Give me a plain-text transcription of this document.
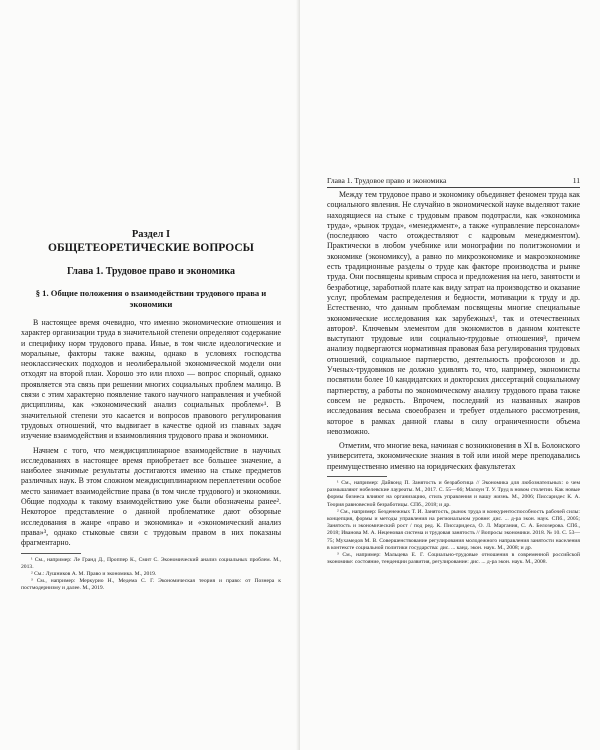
Раздел I
ОБЩЕТЕОРЕТИЧЕСКИЕ ВОПРОСЫ
Глава 1. Трудовое право и экономика
§ 1. Общие положения о взаимодействии трудового права и экономики

В настоящее время очевидно, что именно экономические отношения и характер организации труда в значительной степени определяют содержание и специфику норм трудового права. Иные, в том числе идеологические и моральные, факторы также важны, однако в условиях господства неоклассических подходов и неолиберальной экономической модели они отходят на второй план. Хорошо это или плохо — вопрос спорный, однако проявляется эта связь при решении многих социальных проблем малицо. В связи с этим характерно появление такого научного направления и учебной дисциплины, как «экономический анализ социальных проблем»¹. В значительной степени это касается и вопросов правового регулирования трудовых отношений, что выдвигает в качестве одной из главных задач изучение взаимодействия и взаимовлияния трудового права и экономики.

Начнем с того, что междисциплинарное взаимодействие в научных исследованиях в настоящее время приобретает все большее значение, а наиболее значимые результаты достигаются именно на стыке предметов различных наук. В этом сложном междисциплинарном переплетении особое место занимает взаимодействие права (в том числе трудового) и экономики. Общие подходы к такому взаимодействию уже были обозначены ранее². Некоторое представление о данной проблематике дают обзорные исследования в жанре «право и экономика» и «экономический анализ права»³, однако стыковые связи с трудовым правом в них показаны фрагментарно.

¹ См., например: Ле Гранд Д., Проппер К., Смит С. Экономический анализ социальных проблем. М., 2013.

² См.: Лушников А. М. Право и экономика. М., 2019.

³ См., например: Меркурио Н., Медема С. Г. Экономическая теория и право: от Познера к постмодернизму и далее. М., 2019.

Глава 1. Трудовое право и экономика	11

Между тем трудовое право и экономику объединяет феномен труда как социального явления. Не случайно в экономической науке выделяют такие находящиеся на стыке с трудовым правом подотрасли, как «экономика труда», «рынок труда», «менеджмент», а также «управление персоналом» (последнюю часто отождествляют с кадровым менеджментом). Практически в любом учебнике или монографии по политэкономии и экономике (экономиксу), а равно по микроэкономике и макроэкономике есть традиционные разделы о труде как факторе производства и рынке труда. Они посвящены кривым спроса и предложения на него, занятости и безработице, заработной плате как виду затрат на производство и оказание услуг, проблемам распределения и бедности, мотивации к труду и др. Естественно, что данным проблемам посвящены многие специальные экономические исследования как зарубежных¹, так и отечественных авторов². Ключевым элементом для экономистов в данном контексте выступают трудовые или социально-трудовые отношения³, причем анализу подвергаются нормативная правовая база регулирования трудовых отношений, социальное партнерство, деятельность профсоюзов и др. Ученых-трудовиков не должно удивлять то, что, например, экономисты посвятили более 10 кандидатских и докторских диссертаций социальному партнерству, а работы по экономическому анализу трудового права также совсем не редкость. Впрочем, последний из названных жанров исследования весьма своеобразен и требует отдельного рассмотрения, которое в рамках данной главы в силу ограниченности объема невозможно.

Отметим, что многие века, начиная с возникновения в XI в. Болонского университета, экономические знания в той или иной мере преподавались преимущественно именно на юридических факультетах

¹ См., например: Дайвонд П. Занятость и безработица // Экономика для любознательных: о чем размышляют нобелевские лауреаты. М., 2017. С. 55—66; Малоун Т. У. Труд в новом столетии. Как новые формы бизнеса влияют на организацию, стиль управления и вашу жизнь. М., 2006; Писсаридес К. А. Теория равновесной безработицы. СПб., 2018; и др.

² См., например: Безденежных Т. И. Занятость, рынок труда и конкурентоспособность рабочей силы: концепция, формы и методы управления на региональном уровне: дис. ... д-ра экон. наук. СПб., 2005; Занятость и экономический рост / под ред. К. Писсаридеса, О. Л. Маргания, С. А. Белозерова. СПб., 2018; Иванова М. А. Неценовая система и трудовая занятость // Вопросы экономики. 2018. № 10. С. 53—75; Мухамедов М. В. Совершенствование регулирования молодежного направления занятости населения в контексте социальной политики государства: дис. ... канд. экон. наук. М., 2008; и др.

³ См., например: Мальцева Е. Г. Социально-трудовые отношения в современной российской экономике: состояние, тенденции развития, регулирование: дис. ... д-ра экон. наук. М., 2008.
